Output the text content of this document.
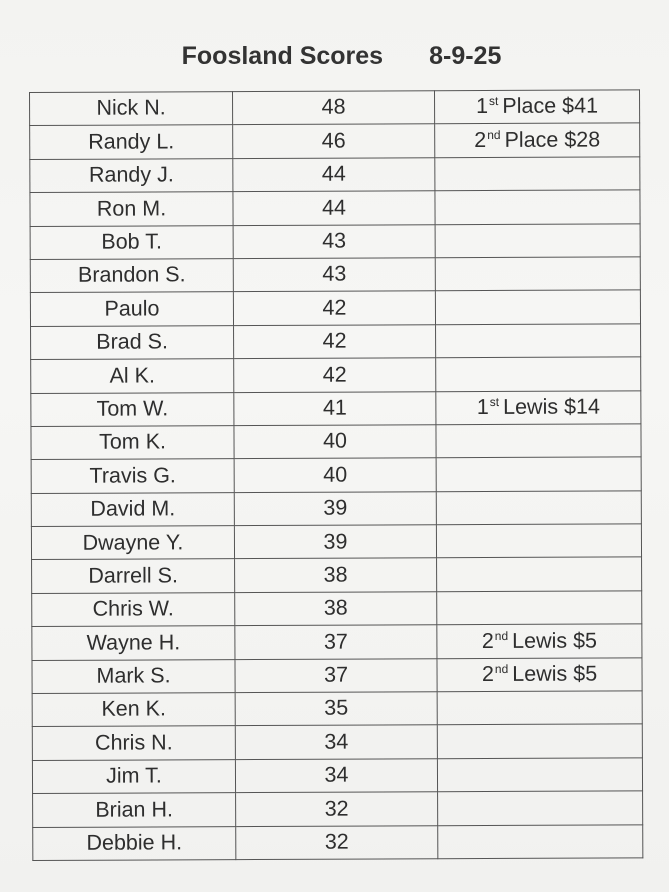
Foosland Scores 8-9-25
Nick N.	48	1st Place $41
Randy L.	46	2nd Place $28
Randy J.	44	
Ron M.	44	
Bob T.	43	
Brandon S.	43	
Paulo	42	
Brad S.	42	
Al K.	42	
Tom W.	41	1st Lewis $14
Tom K.	40	
Travis G.	40	
David M.	39	
Dwayne Y.	39	
Darrell S.	38	
Chris W.	38	
Wayne H.	37	2nd Lewis $5
Mark S.	37	2nd Lewis $5
Ken K.	35	
Chris N.	34	
Jim T.	34	
Brian H.	32	
Debbie H.	32	
